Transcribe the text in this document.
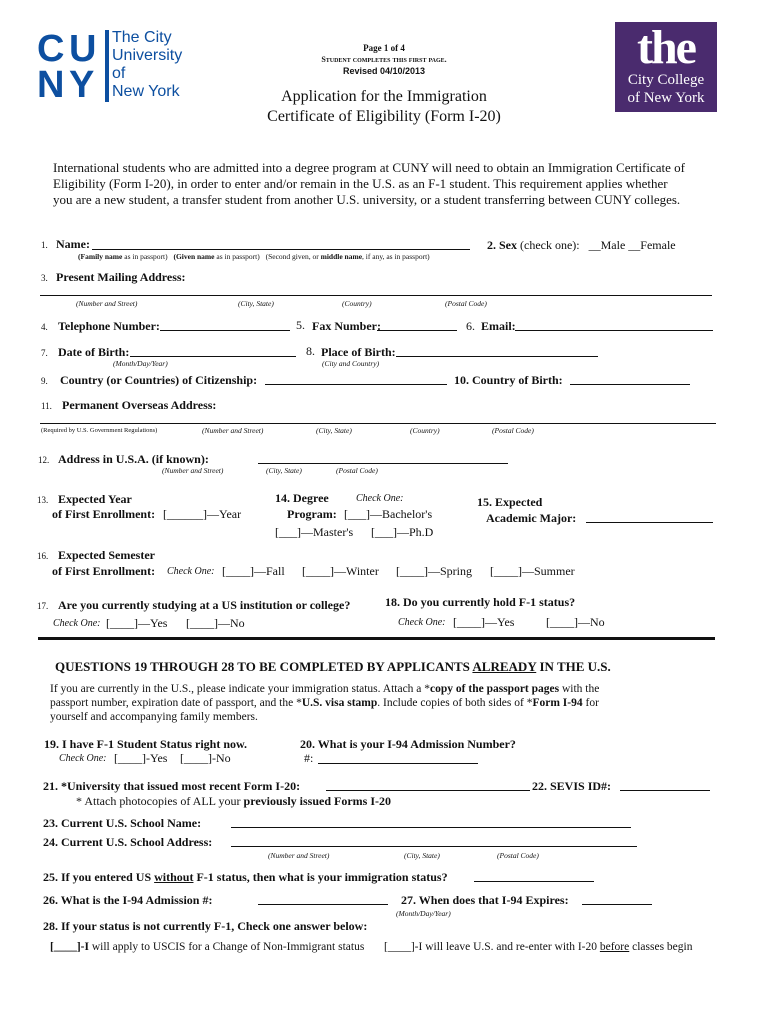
C U
N Y
The City
University
of
New York
the
City College
of New York
Page 1 of 4
Student completes this first page.
Revised 04/10/2013
Application for the Immigration
Certificate of Eligibility (Form I-20)
International students who are admitted into a degree program at CUNY will need to obtain an Immigration Certificate of
Eligibility (Form I-20), in order to enter and/or remain in the U.S. as an F-1 student. This requirement applies whether
you are a new student, a transfer student from another U.S. university, or a student transferring between CUNY colleges.
1. Name:
(Family name as in passport) (Given name as in passport) (Second given, or middle name, if any, as in passport)
2. Sex (check one): __Male __Female
3. Present Mailing Address:
(Number and Street)	(City, State)	(Country)	(Postal Code)
4. Telephone Number:	5. Fax Number:	6. Email:
7. Date of Birth:
(Month/Day/Year)
8. Place of Birth:
(City and Country)
9. Country (or Countries) of Citizenship:	10. Country of Birth:
11. Permanent Overseas Address:
(Required by U.S. Government Regulations)	(Number and Street)	(City, State)	(Country)	(Postal Code)
12. Address in U.S.A. (if known):
(Number and Street)	(City, State)	(Postal Code)
13. Expected Year
of First Enrollment: [______]—Year
14. Degree	Check One:
Program: [___]—Bachelor's
[___]—Master's [___]—Ph.D
15. Expected
Academic Major:
16. Expected Semester
of First Enrollment: Check One: [____]—Fall [____]—Winter [____]—Spring [____]—Summer
17. Are you currently studying at a US institution or college?
Check One: [____]—Yes [____]—No
18. Do you currently hold F-1 status?
Check One: [____]—Yes	[____]—No
QUESTIONS 19 THROUGH 28 TO BE COMPLETED BY APPLICANTS ALREADY IN THE U.S.
If you are currently in the U.S., please indicate your immigration status. Attach a *copy of the passport pages with the
passport number, expiration date of passport, and the *U.S. visa stamp. Include copies of both sides of *Form I-94 for
yourself and accompanying family members.
19. I have F-1 Student Status right now.
Check One: [____]-Yes [____]-No
20. What is your I-94 Admission Number?
#:
21. *University that issued most recent Form I-20:	22. SEVIS ID#:
* Attach photocopies of ALL your previously issued Forms I-20
23. Current U.S. School Name:
24. Current U.S. School Address:
(Number and Street)	(City, State)	(Postal Code)
25. If you entered US without F-1 status, then what is your immigration status?
26. What is the I-94 Admission #:	27. When does that I-94 Expires:
(Month/Day/Year)
28. If your status is not currently F-1, Check one answer below:
[____]-I will apply to USCIS for a Change of Non-Immigrant status [____]-I will leave U.S. and re-enter with I-20 before classes begin
